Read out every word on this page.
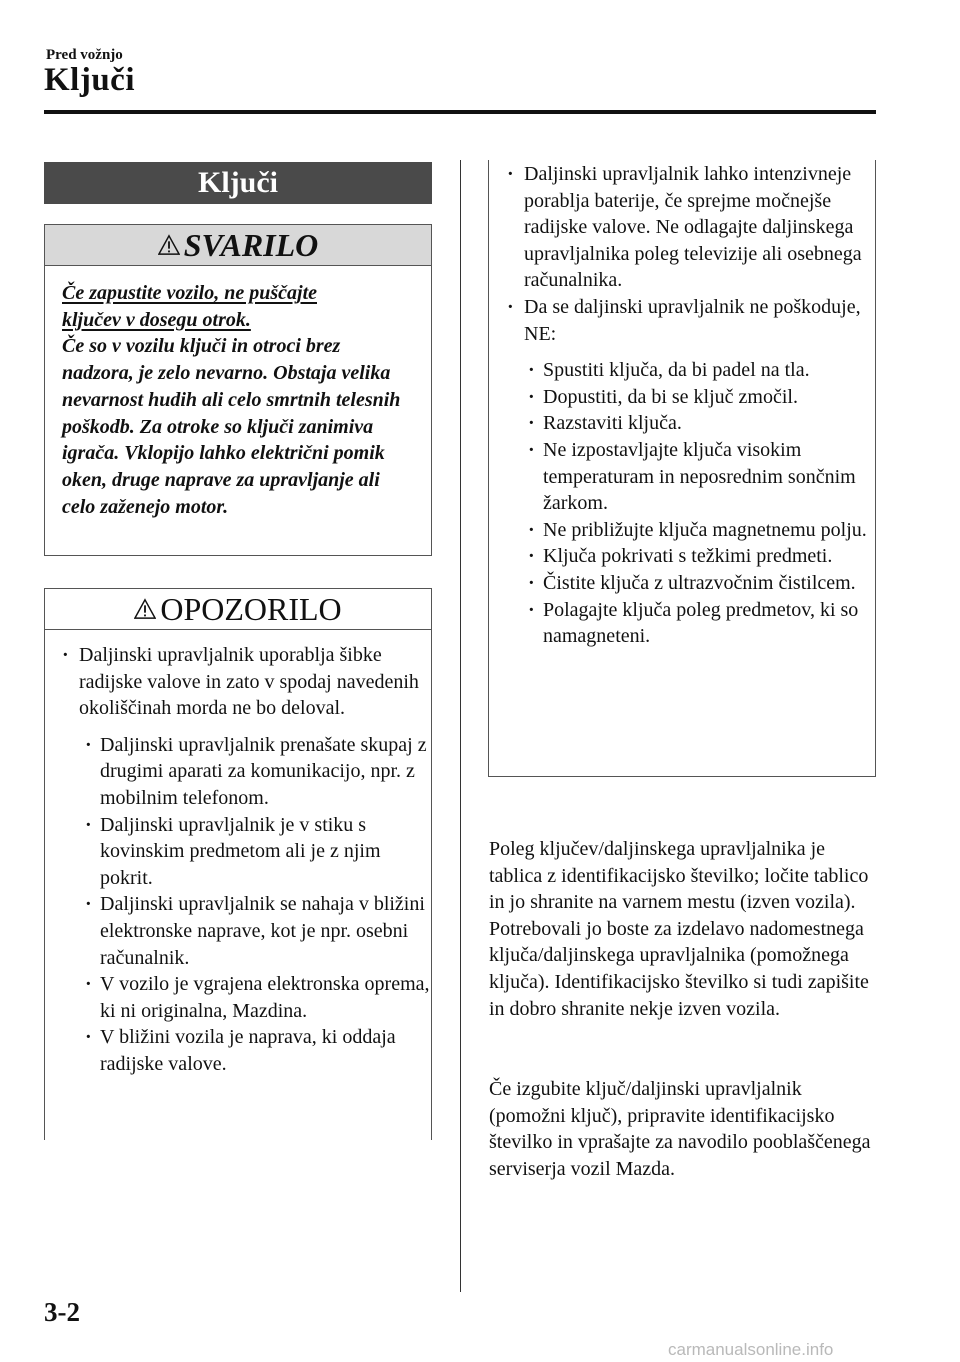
Pred vožnjo
Ključi
Ključi
SVARILO
Če zapustite vozilo, ne puščajte
ključev v dosegu otrok.
Če so v vozilu ključi in otroci brez nadzora, je zelo nevarno. Obstaja velika nevarnost hudih ali celo smrtnih telesnih poškodb. Za otroke so ključi zanimiva igrača. Vklopijo lahko električni pomik oken, druge naprave za upravljanje ali celo zaženejo motor.
OPOZORILO
· Daljinski upravljalnik uporablja šibke radijske valove in zato v spodaj navedenih okoliščinah morda ne bo deloval.
· Daljinski upravljalnik prenašate skupaj z drugimi aparati za komunikacijo, npr. z mobilnim telefonom.
· Daljinski upravljalnik je v stiku s kovinskim predmetom ali je z njim pokrit.
· Daljinski upravljalnik se nahaja v bližini elektronske naprave, kot je npr. osebni računalnik.
· V vozilo je vgrajena elektronska oprema, ki ni originalna, Mazdina.
· V bližini vozila je naprava, ki oddaja radijske valove.
· Daljinski upravljalnik lahko intenzivneje porablja baterije, če sprejme močnejše radijske valove. Ne odlagajte daljinskega upravljalnika poleg televizije ali osebnega računalnika.
· Da se daljinski upravljalnik ne poškoduje, NE:
· Spustiti ključa, da bi padel na tla.
· Dopustiti, da bi se ključ zmočil.
· Razstaviti ključa.
· Ne izpostavljajte ključa visokim temperaturam in neposrednim sončnim žarkom.
· Ne približujte ključa magnetnemu polju.
· Ključa pokrivati s težkimi predmeti.
· Čistite ključa z ultrazvočnim čistilcem.
· Polagajte ključa poleg predmetov, ki so namagneteni.
Poleg ključev/daljinskega upravljalnika je tablica z identifikacijsko številko; ločite tablico in jo shranite na varnem mestu (izven vozila). Potrebovali jo boste za izdelavo nadomestnega ključa/daljinskega upravljalnika (pomožnega ključa). Identifikacijsko številko si tudi zapišite in dobro shranite nekje izven vozila.
Če izgubite ključ/daljinski upravljalnik (pomožni ključ), pripravite identifikacijsko številko in vprašajte za navodilo pooblaščenega serviserja vozil Mazda.
3-2
carmanualsonline.info
